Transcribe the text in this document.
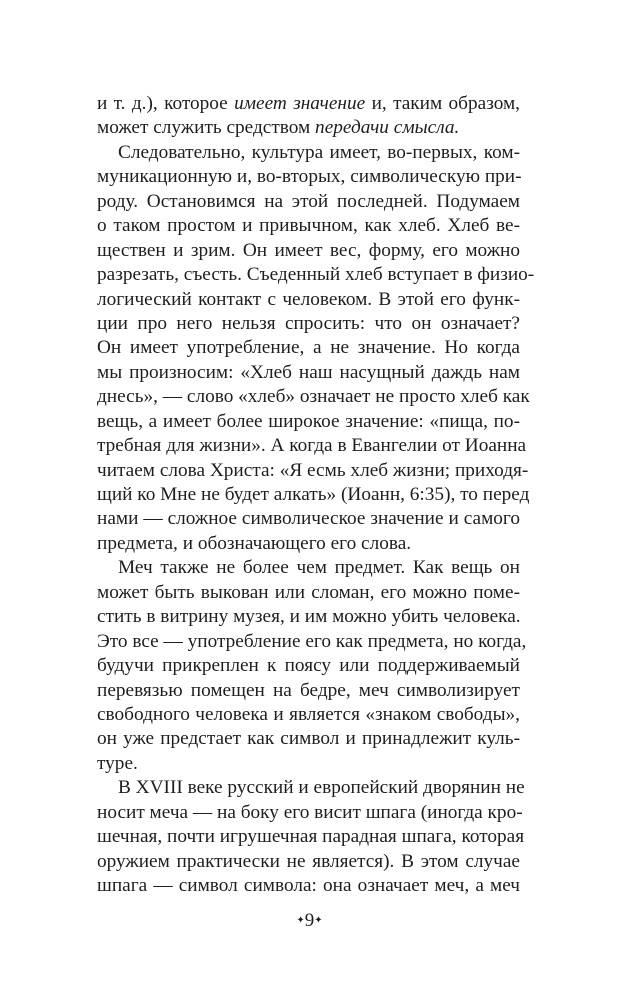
и т. д.), которое имеет значение и, таким образом,
может служить средством передачи смысла.
Следовательно, культура имеет, во-первых, ком-
муникационную и, во-вторых, символическую при-
роду. Остановимся на этой последней. Подумаем
о таком простом и привычном, как хлеб. Хлеб ве-
ществен и зрим. Он имеет вес, форму, его можно
разрезать, съесть. Съеденный хлеб вступает в физио-
логический контакт с человеком. В этой его функ-
ции про него нельзя спросить: что он означает?
Он имеет употребление, а не значение. Но когда
мы произносим: «Хлеб наш насущный даждь нам
днесь», — слово «хлеб» означает не просто хлеб как
вещь, а имеет более широкое значение: «пища, по-
требная для жизни». А когда в Евангелии от Иоанна
читаем слова Христа: «Я есмь хлеб жизни; приходя-
щий ко Мне не будет алкать» (Иоанн, 6:35), то перед
нами — сложное символическое значение и самого
предмета, и обозначающего его слова.
Меч также не более чем предмет. Как вещь он
может быть выкован или сломан, его можно поме-
стить в витрину музея, и им можно убить человека.
Это все — употребление его как предмета, но когда,
будучи прикреплен к поясу или поддерживаемый
перевязью помещен на бедре, меч символизирует
свободного человека и является «знаком свободы»,
он уже предстает как символ и принадлежит куль-
туре.
В XVIII веке русский и европейский дворянин не
носит меча — на боку его висит шпага (иногда кро-
шечная, почти игрушечная парадная шпага, которая
оружием практически не является). В этом случае
шпага — символ символа: она означает меч, а меч
✦9✦
